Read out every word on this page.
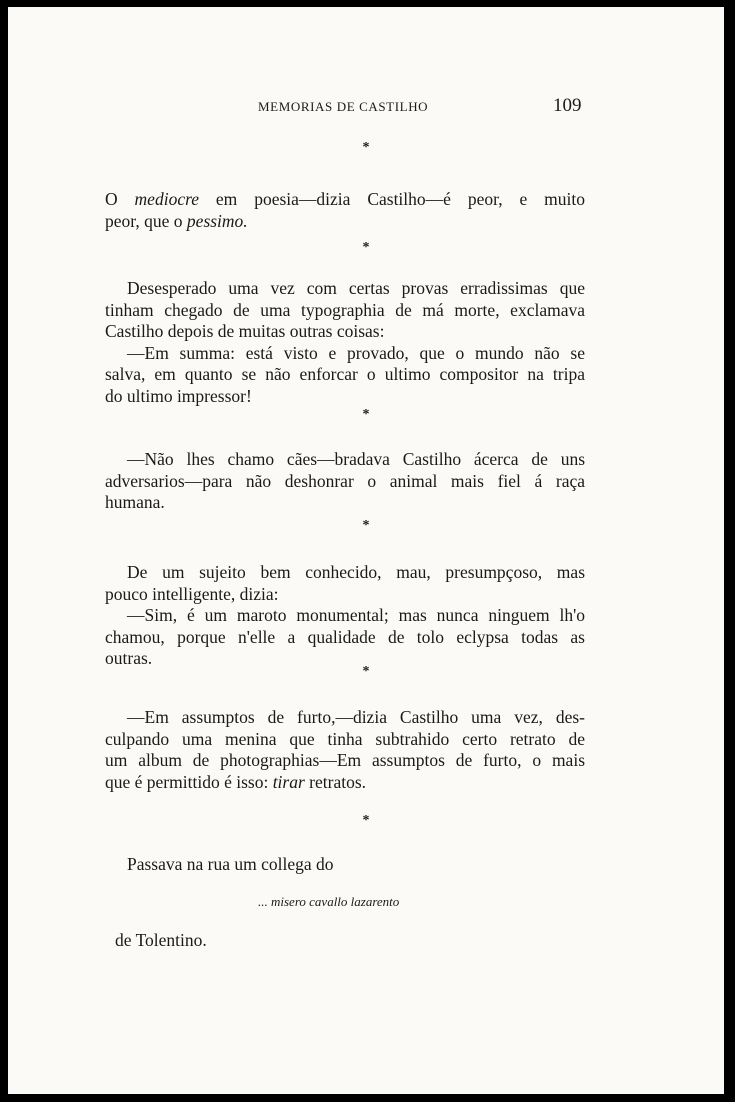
MEMORIAS DE CASTILHO	109
*
O mediocre em poesia—dizia Castilho—é peor, e muito
peor, que o pessimo.
*
Desesperado uma vez com certas provas erradissimas que
tinham chegado de uma typographia de má morte, exclamava
Castilho depois de muitas outras coisas:
—Em summa: está visto e provado, que o mundo não se
salva, em quanto se não enforcar o ultimo compositor na tripa
do ultimo impressor!
*
—Não lhes chamo cães—bradava Castilho ácerca de uns
adversarios—para não deshonrar o animal mais fiel á raça
humana.
*
De um sujeito bem conhecido, mau, presumpçoso, mas
pouco intelligente, dizia:
—Sim, é um maroto monumental; mas nunca ninguem lh'o
chamou, porque n'elle a qualidade de tolo eclypsa todas as
outras.
*
—Em assumptos de furto,—dizia Castilho uma vez, des-
culpando uma menina que tinha subtrahido certo retrato de
um album de photographias—Em assumptos de furto, o mais
que é permittido é isso: tirar retratos.
*
Passava na rua um collega do
... misero cavallo lazarento
de Tolentino.
